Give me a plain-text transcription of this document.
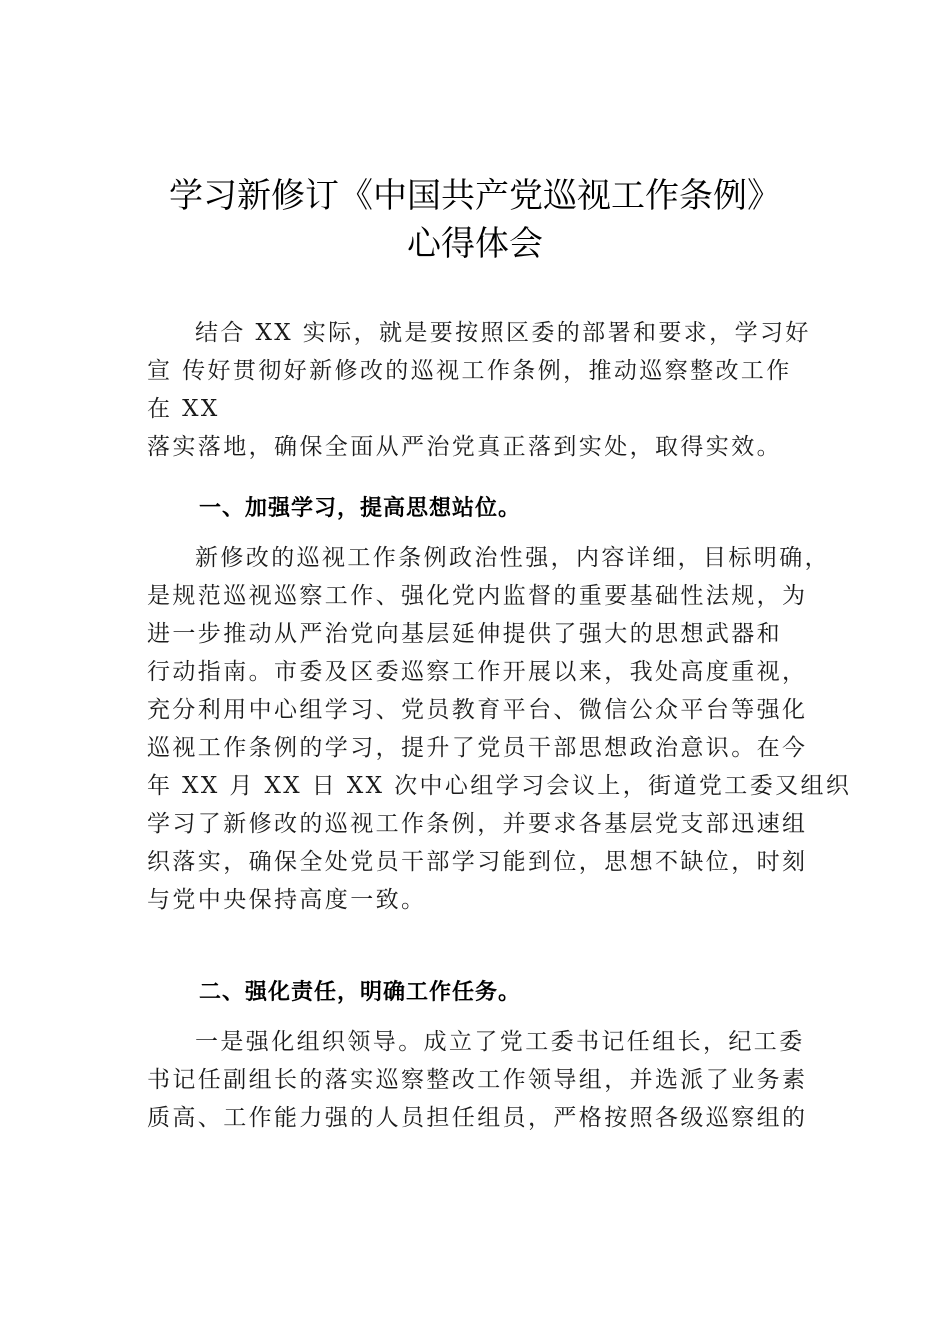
学习新修订《中国共产党巡视工作条例》
心得体会
结合 XX 实际，就是要按照区委的部署和要求，学习好
宣 传好贯彻好新修改的巡视工作条例，推动巡察整改工作
在 XX
落实落地，确保全面从严治党真正落到实处，取得实效。
一、加强学习，提高思想站位。
新修改的巡视工作条例政治性强，内容详细，目标明确，
是规范巡视巡察工作、强化党内监督的重要基础性法规，为
进一步推动从严治党向基层延伸提供了强大的思想武器和
行动指南。市委及区委巡察工作开展以来，我处高度重视，
充分利用中心组学习、党员教育平台、微信公众平台等强化
巡视工作条例的学习，提升了党员干部思想政治意识。在今
年 XX 月 XX 日 XX 次中心组学习会议上，街道党工委又组织
学习了新修改的巡视工作条例，并要求各基层党支部迅速组
织落实，确保全处党员干部学习能到位，思想不缺位，时刻
与党中央保持高度一致。
二、强化责任，明确工作任务。
一是强化组织领导。成立了党工委书记任组长，纪工委
书记任副组长的落实巡察整改工作领导组，并选派了业务素
质高、工作能力强的人员担任组员，严格按照各级巡察组的
